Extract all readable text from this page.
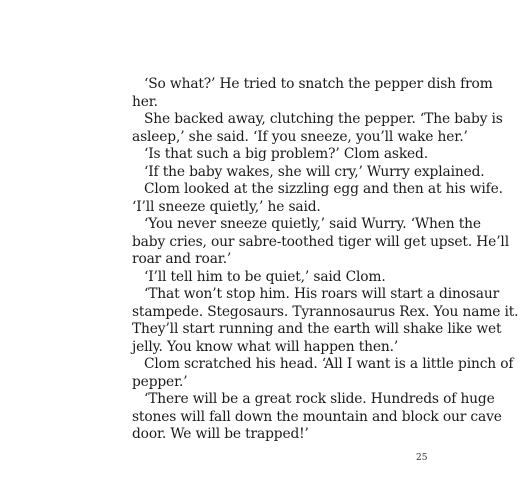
‘So what?’ He tried to snatch the pepper dish from
her.
She backed away, clutching the pepper. ‘The baby is
asleep,’ she said. ‘If you sneeze, you’ll wake her.’
‘Is that such a big problem?’ Clom asked.
‘If the baby wakes, she will cry,’ Wurry explained.
Clom looked at the sizzling egg and then at his wife.
‘I’ll sneeze quietly,’ he said.
‘You never sneeze quietly,’ said Wurry. ‘When the
baby cries, our sabre-toothed tiger will get upset. He’ll
roar and roar.’
‘I’ll tell him to be quiet,’ said Clom.
‘That won’t stop him. His roars will start a dinosaur
stampede. Stegosaurs. Tyrannosaurus Rex. You name it.
They’ll start running and the earth will shake like wet
jelly. You know what will happen then.’
Clom scratched his head. ‘All I want is a little pinch of
pepper.’
‘There will be a great rock slide. Hundreds of huge
stones will fall down the mountain and block our cave
door. We will be trapped!’
25
